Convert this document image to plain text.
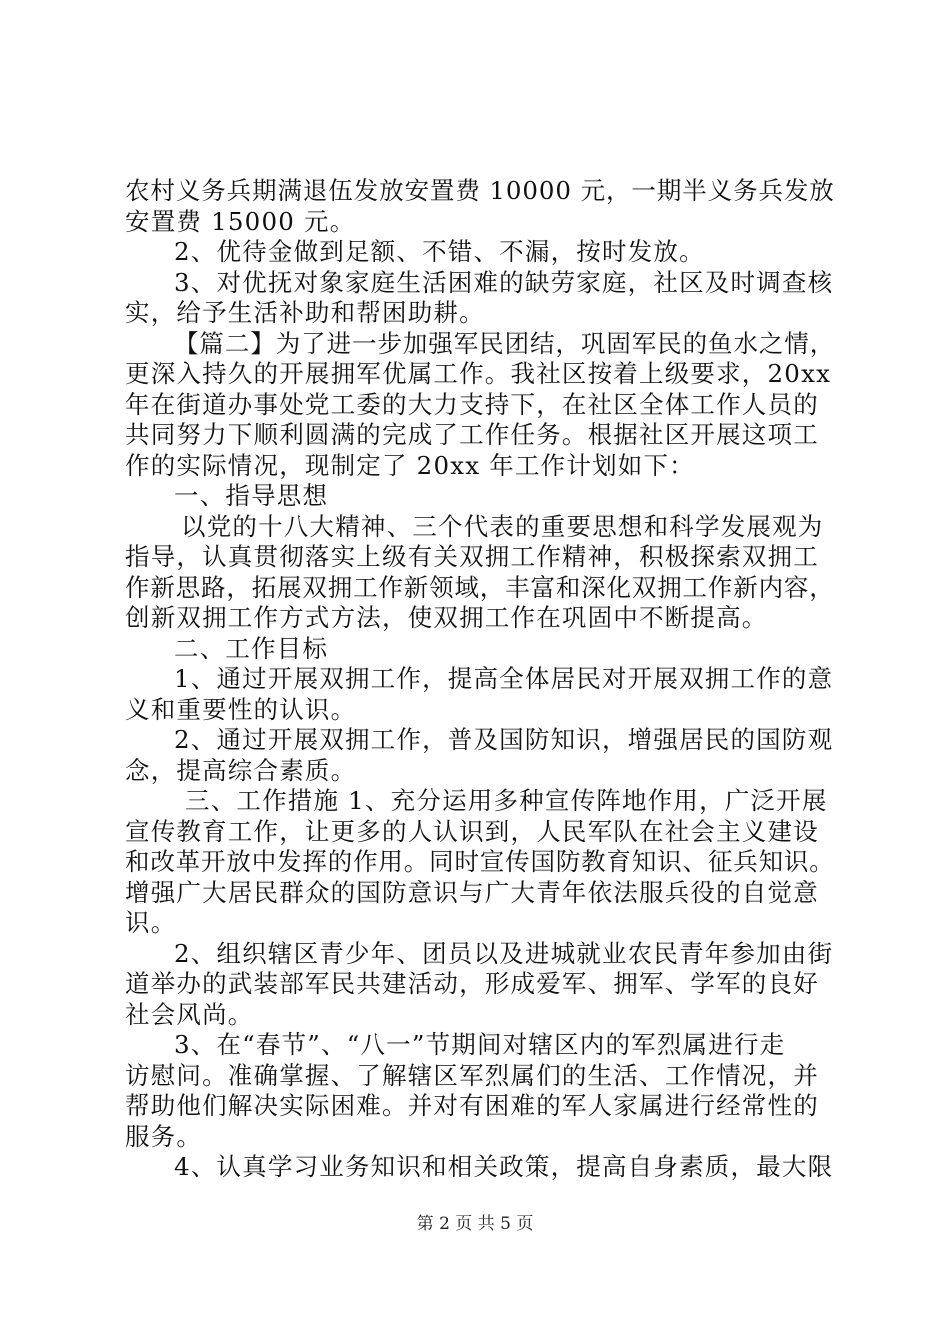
农村义务兵期满退伍发放安置费 10000 元，一期半义务兵发放
安置费 15000 元。
2、优待金做到足额、不错、不漏，按时发放。
3、对优抚对象家庭生活困难的缺劳家庭，社区及时调查核
实，给予生活补助和帮困助耕。
【篇二】为了进一步加强军民团结，巩固军民的鱼水之情，
更深入持久的开展拥军优属工作。我社区按着上级要求，20xx
年在街道办事处党工委的大力支持下，在社区全体工作人员的
共同努力下顺利圆满的完成了工作任务。根据社区开展这项工
作的实际情况，现制定了 20xx 年工作计划如下：
一、指导思想
以党的十八大精神、三个代表的重要思想和科学发展观为
指导，认真贯彻落实上级有关双拥工作精神，积极探索双拥工
作新思路，拓展双拥工作新领域，丰富和深化双拥工作新内容，
创新双拥工作方式方法，使双拥工作在巩固中不断提高。
二、工作目标
1、通过开展双拥工作，提高全体居民对开展双拥工作的意
义和重要性的认识。
2、通过开展双拥工作，普及国防知识，增强居民的国防观
念，提高综合素质。
三、工作措施 1、充分运用多种宣传阵地作用，广泛开展
宣传教育工作，让更多的人认识到，人民军队在社会主义建设
和改革开放中发挥的作用。同时宣传国防教育知识、征兵知识。
增强广大居民群众的国防意识与广大青年依法服兵役的自觉意
识。
2、组织辖区青少年、团员以及进城就业农民青年参加由街
道举办的武装部军民共建活动，形成爱军、拥军、学军的良好
社会风尚。
3、在“春节”、“八一”节期间对辖区内的军烈属进行走
访慰问。准确掌握、了解辖区军烈属们的生活、工作情况，并
帮助他们解决实际困难。并对有困难的军人家属进行经常性的
服务。
4、认真学习业务知识和相关政策，提高自身素质，最大限
第 2 页 共 5 页
